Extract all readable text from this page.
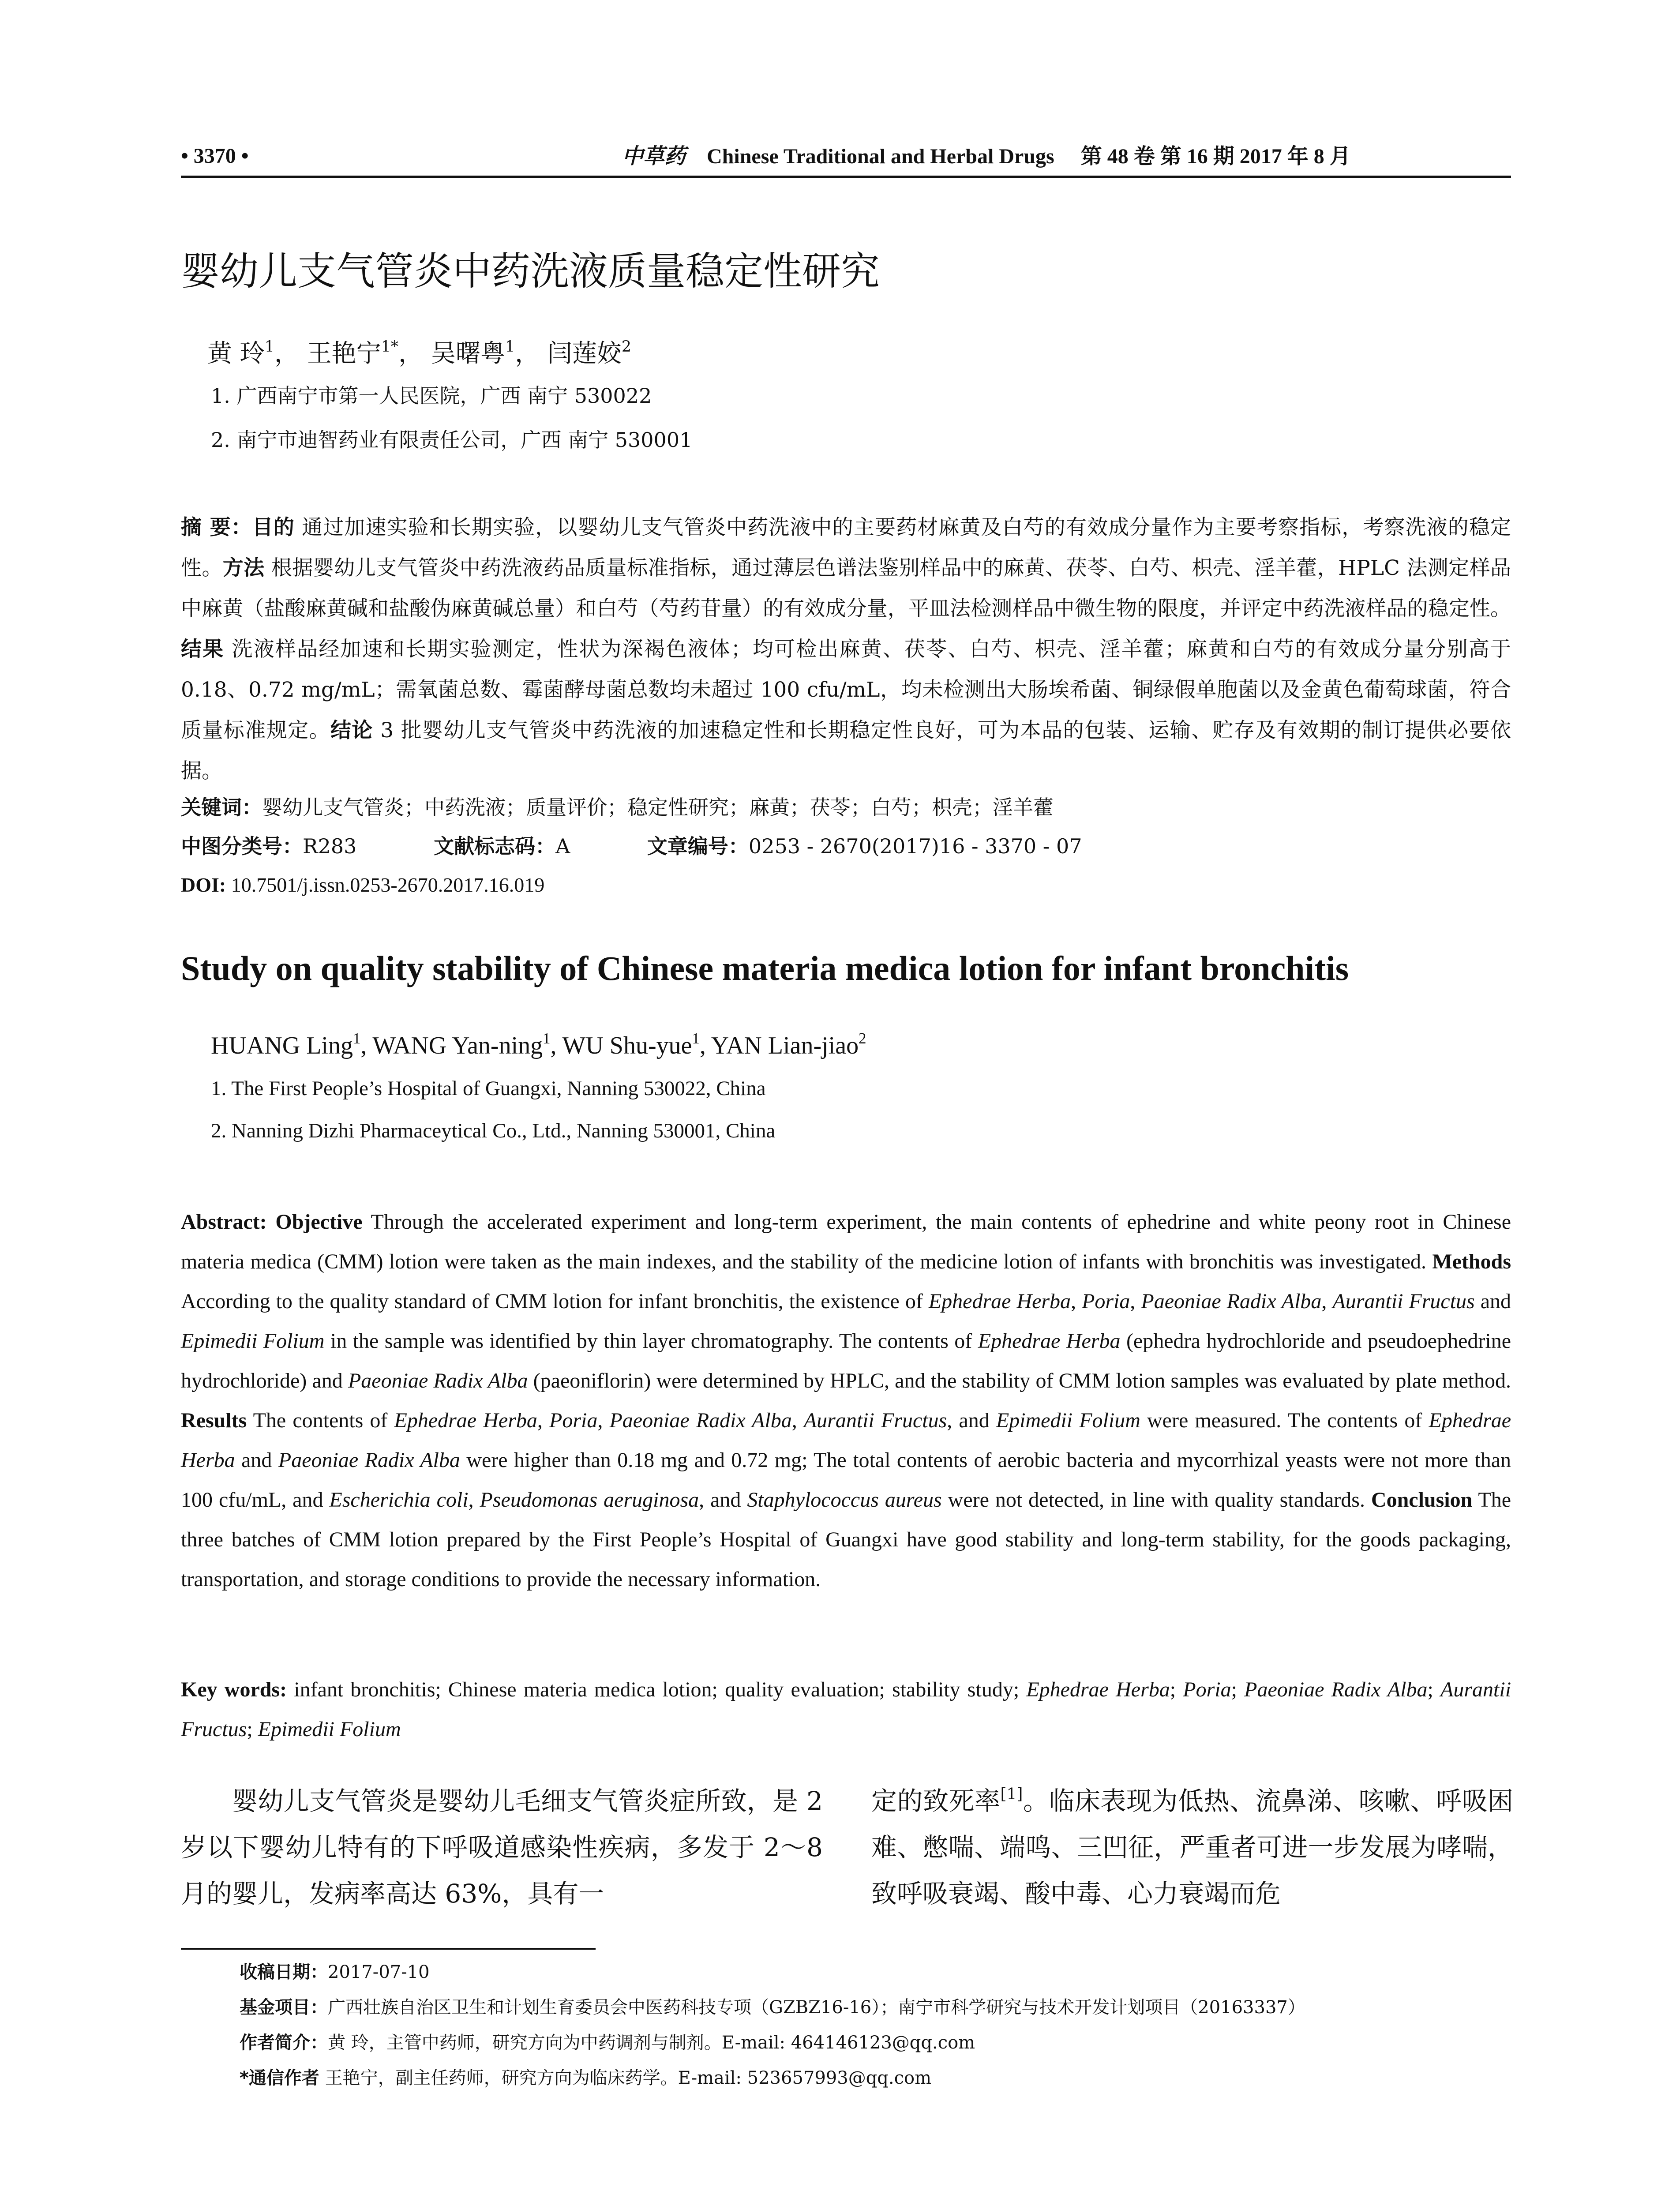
• 3370 •	中草药 Chinese Traditional and Herbal Drugs 第 48 卷 第 16 期 2017 年 8 月
婴幼儿支气管炎中药洗液质量稳定性研究
黄 玲$^1$， 王艳宁$^{1*}$， 吴曙粤$^1$， 闫莲姣$^2$
1. 广西南宁市第一人民医院，广西 南宁 530022
2. 南宁市迪智药业有限责任公司，广西 南宁 530001
摘 要：目的 通过加速实验和长期实验，以婴幼儿支气管炎中药洗液中的主要药材麻黄及白芍的有效成分量作为主要考察指标，考察洗液的稳定性。方法 根据婴幼儿支气管炎中药洗液药品质量标准指标，通过薄层色谱法鉴别样品中的麻黄、茯苓、白芍、枳壳、淫羊藿，HPLC 法测定样品中麻黄（盐酸麻黄碱和盐酸伪麻黄碱总量）和白芍（芍药苷量）的有效成分量，平皿法检测样品中微生物的限度，并评定中药洗液样品的稳定性。结果 洗液样品经加速和长期实验测定，性状为深褐色液体；均可检出麻黄、茯苓、白芍、枳壳、淫羊藿；麻黄和白芍的有效成分量分别高于 0.18、0.72 mg/mL；需氧菌总数、霉菌酵母菌总数均未超过 100 cfu/mL，均未检测出大肠埃希菌、铜绿假单胞菌以及金黄色葡萄球菌，符合质量标准规定。结论 3 批婴幼儿支气管炎中药洗液的加速稳定性和长期稳定性良好，可为本品的包装、运输、贮存及有效期的制订提供必要依据。
关键词：婴幼儿支气管炎；中药洗液；质量评价；稳定性研究；麻黄；茯苓；白芍；枳壳；淫羊藿
中图分类号：R283	文献标志码：A	文章编号：0253 - 2670(2017)16 - 3370 - 07
DOI: 10.7501/j.issn.0253-2670.2017.16.019
Study on quality stability of Chinese materia medica lotion for infant bronchitis
HUANG Ling$^1$, WANG Yan-ning$^1$, WU Shu-yue$^1$, YAN Lian-jiao$^2$
1. The First People’s Hospital of Guangxi, Nanning 530022, China
2. Nanning Dizhi Pharmaceytical Co., Ltd., Nanning 530001, China
Abstract: Objective Through the accelerated experiment and long-term experiment, the main contents of ephedrine and white peony root in Chinese materia medica (CMM) lotion were taken as the main indexes, and the stability of the medicine lotion of infants with bronchitis was investigated. Methods According to the quality standard of CMM lotion for infant bronchitis, the existence of Ephedrae Herba, Poria, Paeoniae Radix Alba, Aurantii Fructus and Epimedii Folium in the sample was identified by thin layer chromatography. The contents of Ephedrae Herba (ephedra hydrochloride and pseudoephedrine hydrochloride) and Paeoniae Radix Alba (paeoniflorin) were determined by HPLC, and the stability of CMM lotion samples was evaluated by plate method. Results The contents of Ephedrae Herba, Poria, Paeoniae Radix Alba, Aurantii Fructus, and Epimedii Folium were measured. The contents of Ephedrae Herba and Paeoniae Radix Alba were higher than 0.18 mg and 0.72 mg; The total contents of aerobic bacteria and mycorrhizal yeasts were not more than 100 cfu/mL, and Escherichia coli, Pseudomonas aeruginosa, and Staphylococcus aureus were not detected, in line with quality standards. Conclusion The three batches of CMM lotion prepared by the First People’s Hospital of Guangxi have good stability and long-term stability, for the goods packaging, transportation, and storage conditions to provide the necessary information.
Key words: infant bronchitis; Chinese materia medica lotion; quality evaluation; stability study; Ephedrae Herba; Poria; Paeoniae Radix Alba; Aurantii Fructus; Epimedii Folium
婴幼儿支气管炎是婴幼儿毛细支气管炎症所致，是 2 岁以下婴幼儿特有的下呼吸道感染性疾病，多发于 2～8 月的婴儿，发病率高达 63%，具有一
定的致死率[1]。临床表现为低热、流鼻涕、咳嗽、呼吸困难、憋喘、端鸣、三凹征，严重者可进一步发展为哮喘，致呼吸衰竭、酸中毒、心力衰竭而危
收稿日期：2017-07-10
基金项目：广西壮族自治区卫生和计划生育委员会中医药科技专项（GZBZ16-16）；南宁市科学研究与技术开发计划项目（20163337）
作者简介：黄 玲，主管中药师，研究方向为中药调剂与制剂。E-mail: 464146123@qq.com
*通信作者 王艳宁，副主任药师，研究方向为临床药学。E-mail: 523657993@qq.com
